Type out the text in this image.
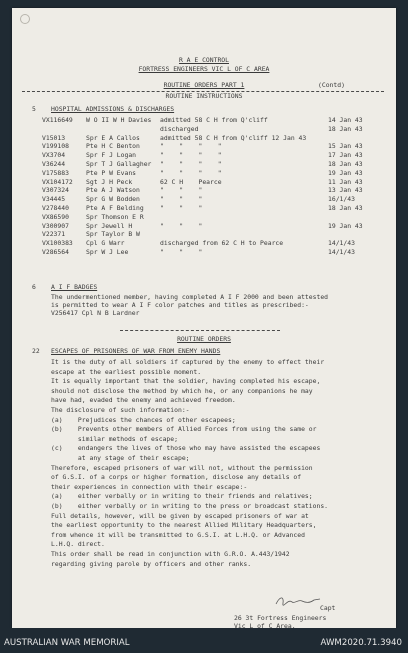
R A E CONTROL
FORTRESS ENGINEERS VIC L OF C AREA
ROUTINE ORDERS PART 1	(Contd)
ROUTINE INSTRUCTIONS
5 HOSPITAL ADMISSIONS & DISCHARGES
VX116649 W O II W H Davies admitted 58 C H from Q'cliff	14 Jan 43
discharged	18 Jan 43
V15013	Spr E A Callos	admitted 58 C H from Q'cliff 12 Jan 43
V199108	Pte H C Benton	"    "    "    "	15 Jan 43
VX3704	Spr F J Logan	"    "    "    "	17 Jan 43
V36244	Spr T J Gallagher "    "    "    "	18 Jan 43
V175883	Pte P W Evans	"    "    "    "	19 Jan 43
VX104172 Sgt J H Peck	62 C H    Pearce	11 Jan 43
V307324	Pte A J Watson	"    "    "	13 Jan 43
V34445	Spr G W Bodden	"    "    "	16/1/43
V278440	Pte A F Belding	"    "    "	18 Jan 43
VX86590	Spr Thomson E R
V300907	Spr Jewell H	"    "    "	19 Jan 43
V22371	Spr Taylor B W
VX100383 Cpl G Warr	discharged from 62 C H to Pearce	14/1/43
V286564	Spr W J Lee	"    "    "	14/1/43
6 A I F BADGES
The undermentioned member, having completed A I F 2000 and been attested
is permitted to wear A I F color patches and titles as prescribed:-
V256417 Cpl N B Lardner
ROUTINE ORDERS
22 ESCAPES OF PRISONERS OF WAR FROM ENEMY HANDS
It is the duty of all soldiers if captured by the enemy to effect their
escape at the earliest possible moment.
It is equally important that the soldier, having completed his escape,
should not disclose the method by which he, or any companions he may
have had, evaded the enemy and achieved freedom.
The disclosure of such information:-
(a)    Prejudices the chances of other escapees;
(b)    Prevents other members of Allied Forces from using the same or
similar methods of escape;
(c)    endangers the lives of those who may have assisted the escapees
at any stage of their escape;
Therefore, escaped prisoners of war will not, without the permission
of G.S.I. of a corps or higher formation, disclose any details of
their experiences in connection with their escape:-
(a)    either verbally or in writing to their friends and relatives;
(b)    either verbally or in writing to the press or broadcast stations.
Full details, however, will be given by escaped prisoners of war at
the earliest opportunity to the nearest Allied Military Headquarters,
from whence it will be transmitted to G.S.I. at L.H.Q. or Advanced
L.H.Q. direct.
This order shall be read in conjunction with G.R.O. A.443/1942
regarding giving parole by officers and other ranks.
Capt
26 3t Fortress Engineers
Vic L of C Area.
AUSTRALIAN WAR MEMORIAL	AWM2020.71.3940
